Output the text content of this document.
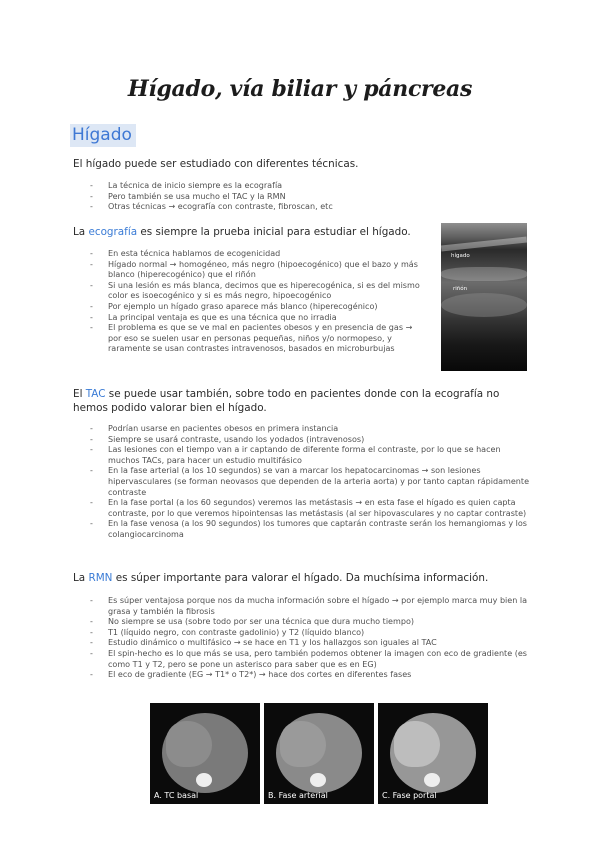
Hígado, vía biliar y páncreas
Hígado
El hígado puede ser estudiado con diferentes técnicas.
- La técnica de inicio siempre es la ecografía
- Pero también se usa mucho el TAC y la RMN
- Otras técnicas → ecografía con contraste, fibroscan, etc
La ecografía es siempre la prueba inicial para estudiar el hígado.
- En esta técnica hablamos de ecogenicidad
- Hígado normal → homogéneo, más negro (hipoecogénico) que el bazo y más blanco (hiperecogénico) que el riñón
- Si una lesión es más blanca, decimos que es hiperecogénica, si es del mismo color es isoecogénico y si es más negro, hipoecogénico
- Por ejemplo un hígado graso aparece más blanco (hiperecogénico)
- La principal ventaja es que es una técnica que no irradia
- El problema es que se ve mal en pacientes obesos y en presencia de gas → por eso se suelen usar en personas pequeñas, niños y/o normopeso, y raramente se usan contrastes intravenosos, basados en microburbujas
hígado
riñón
El TAC se puede usar también, sobre todo en pacientes donde con la ecografía no hemos podido valorar bien el hígado.
- Podrían usarse en pacientes obesos en primera instancia
- Siempre se usará contraste, usando los yodados (intravenosos)
- Las lesiones con el tiempo van a ir captando de diferente forma el contraste, por lo que se hacen muchos TACs, para hacer un estudio multifásico
- En la fase arterial (a los 10 segundos) se van a marcar los hepatocarcinomas → son lesiones hipervasculares (se forman neovasos que dependen de la arteria aorta) y por tanto captan rápidamente contraste
- En la fase portal (a los 60 segundos) veremos las metástasis → en esta fase el hígado es quien capta contraste, por lo que veremos hipointensas las metástasis (al ser hipovasculares y no captar contraste)
- En la fase venosa (a los 90 segundos) los tumores que captarán contraste serán los hemangiomas y los colangiocarcinoma
La RMN es súper importante para valorar el hígado. Da muchísima información.
- Es súper ventajosa porque nos da mucha información sobre el hígado → por ejemplo marca muy bien la grasa y también la fibrosis
- No siempre se usa (sobre todo por ser una técnica que dura mucho tiempo)
- T1 (líquido negro, con contraste gadolinio) y T2 (líquido blanco)
- Estudio dinámico o multifásico → se hace en T1 y los hallazgos son iguales al TAC
- El spin-hecho es lo que más se usa, pero también podemos obtener la imagen con eco de gradiente (es como T1 y T2, pero se pone un asterisco para saber que es en EG)
- El eco de gradiente (EG → T1* o T2*) → hace dos cortes en diferentes fases
A. TC basal	B. Fase arterial	C. Fase portal
